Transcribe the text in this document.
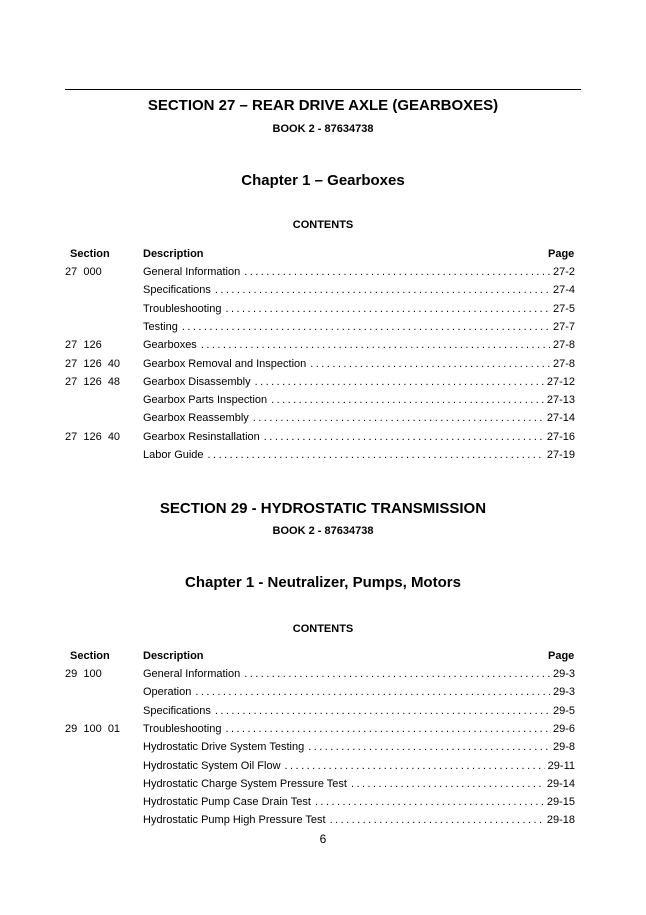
SECTION 27 – REAR DRIVE AXLE (GEARBOXES)
BOOK 2 - 87634738
Chapter 1 – Gearboxes
CONTENTS
Section	Description	Page
27  000	General Information . . .	27-2
Specifications . . .	27-4
Troubleshooting . . .	27-5
Testing . . .	27-7
27  126	Gearboxes . . .	27-8
27  126  40 Gearbox Removal and Inspection . . .	27-8
27  126  48 Gearbox Disassembly . . .	27-12
Gearbox Parts Inspection . . .	27-13
Gearbox Reassembly . . .	27-14
27  126  40 Gearbox Resinstallation . . .	27-16
Labor Guide . . .	27-19
SECTION 29 - HYDROSTATIC TRANSMISSION
BOOK 2 - 87634738
Chapter 1 - Neutralizer, Pumps, Motors
CONTENTS
Section	Description	Page
29  100	General Information . . .	29-3
Operation . . .	29-3
Specifications . . .	29-5
29  100  01 Troubleshooting . . .	29-6
Hydrostatic Drive System Testing . . .	29-8
Hydrostatic System Oil Flow . . .	29-11
Hydrostatic Charge System Pressure Test . . .	29-14
Hydrostatic Pump Case Drain Test . . .	29-15
Hydrostatic Pump High Pressure Test . . .	29-18
6
